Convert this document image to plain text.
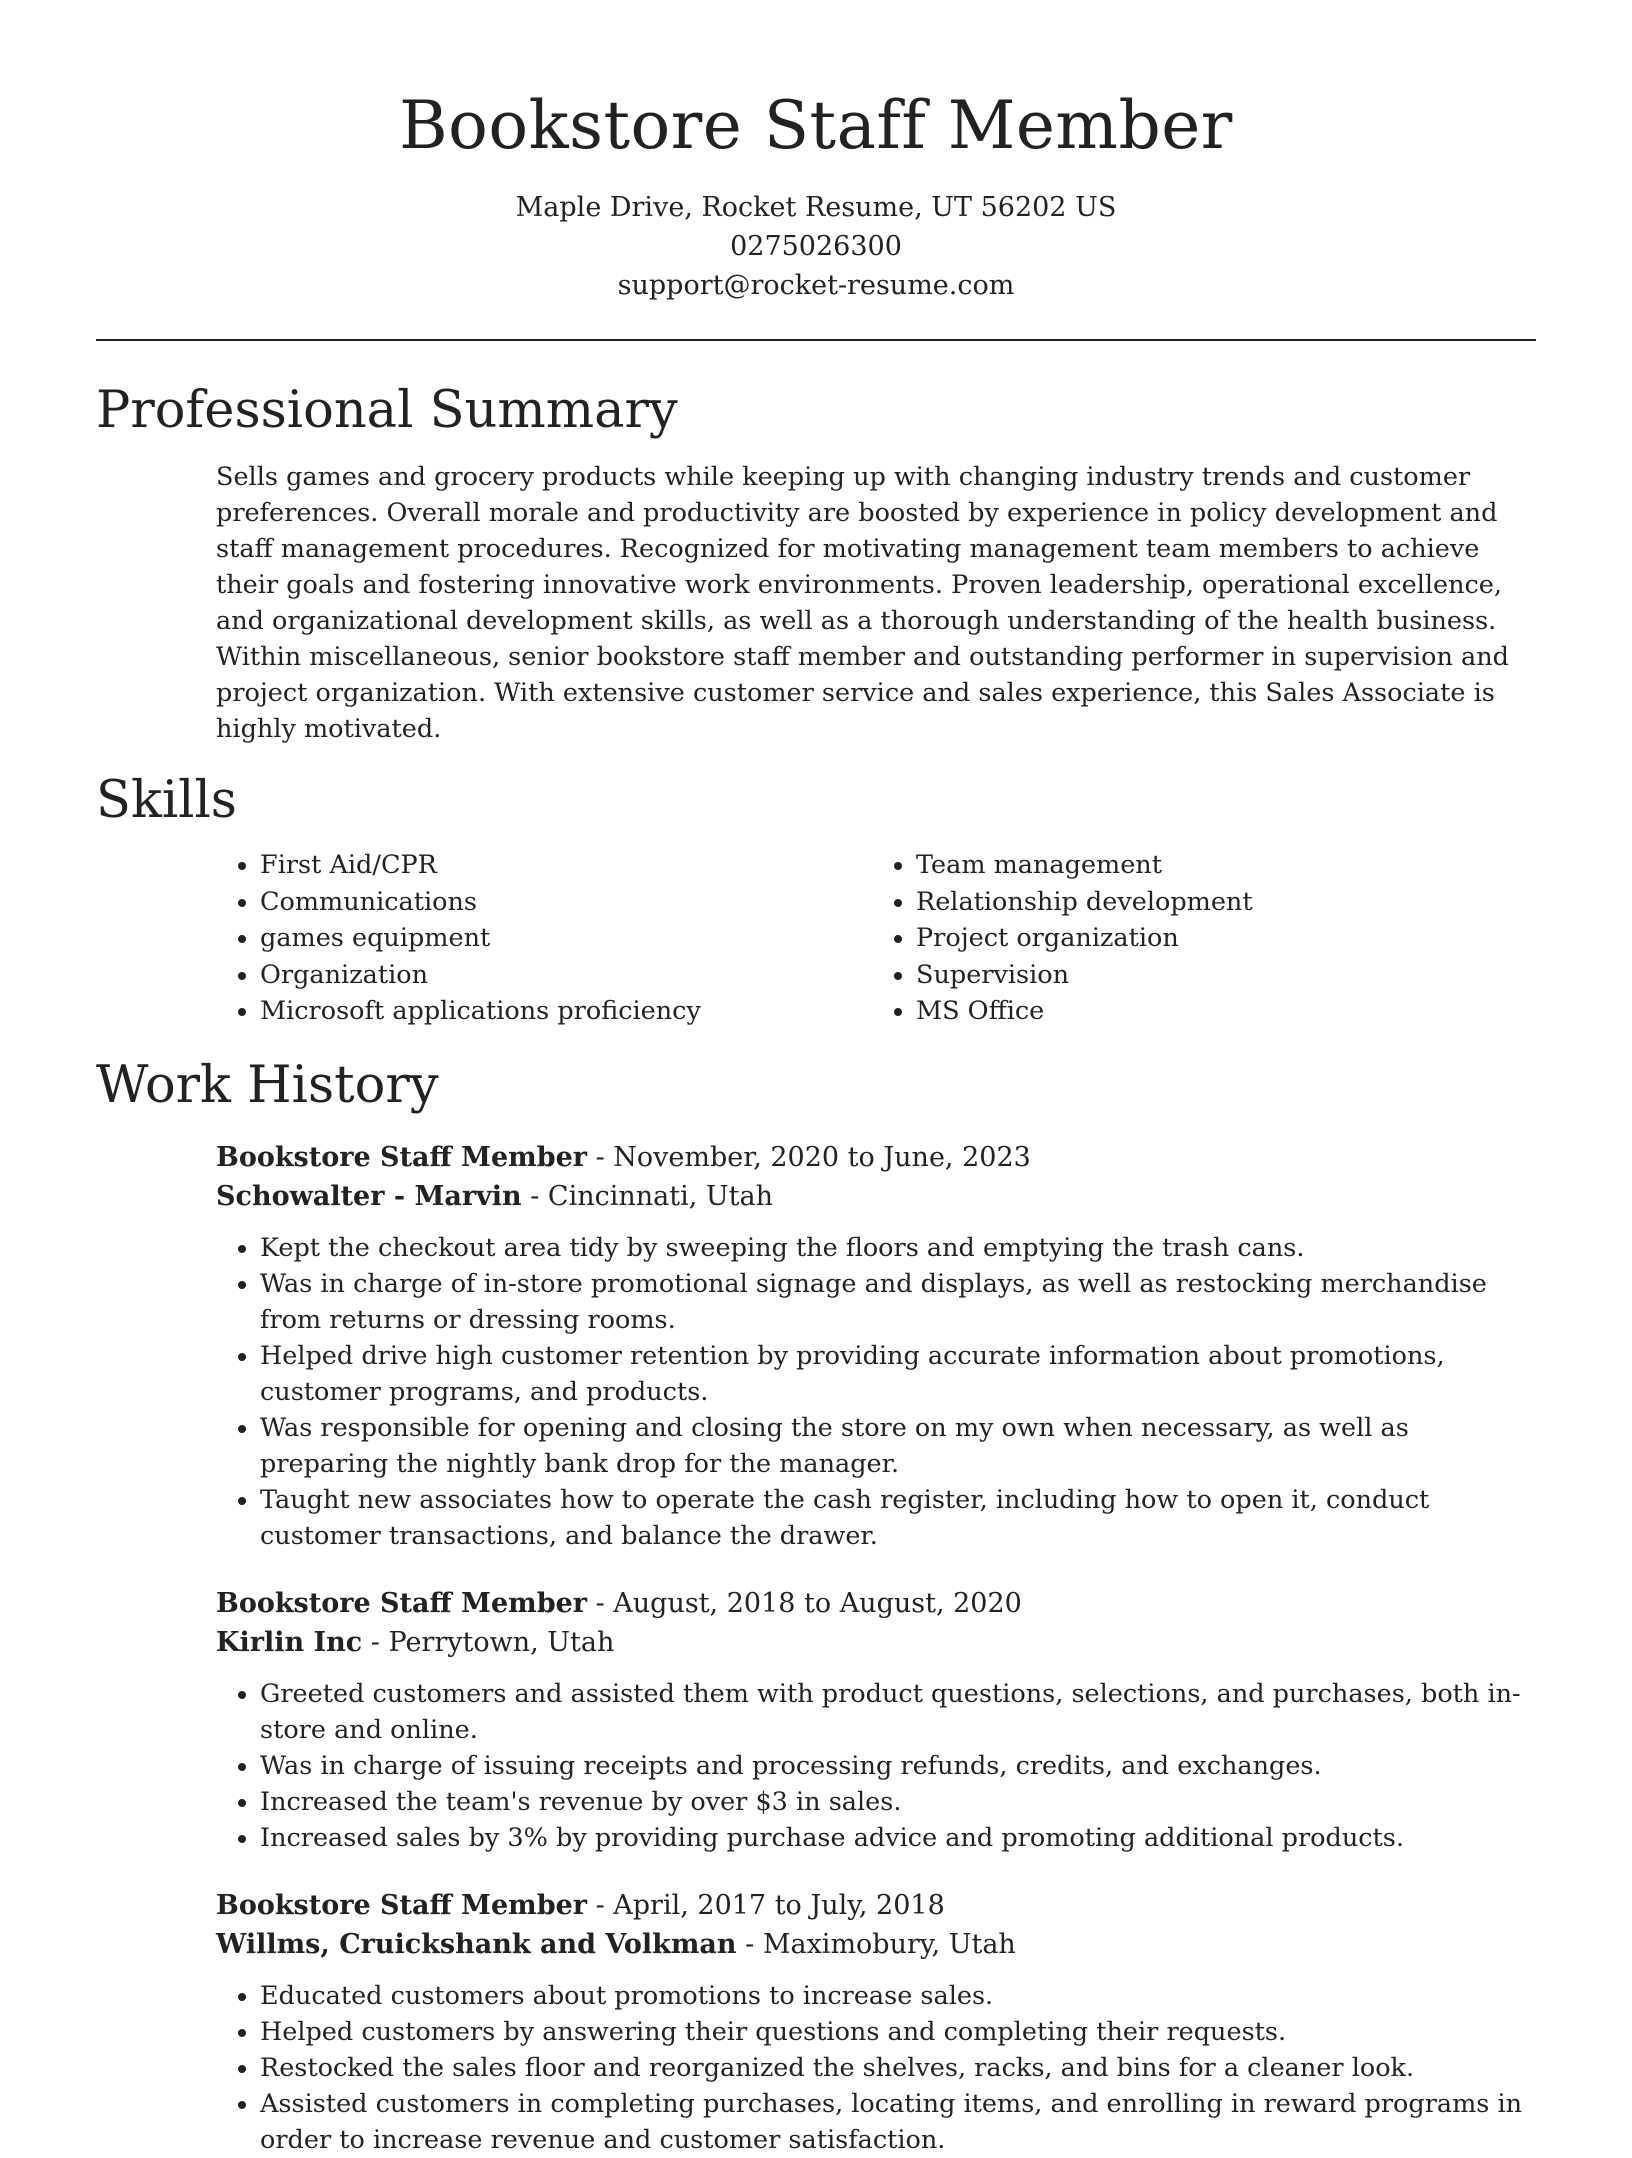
Bookstore Staff Member
Maple Drive, Rocket Resume, UT 56202 US
0275026300
support@rocket-resume.com
Professional Summary

Sells games and grocery products while keeping up with changing industry trends and customer preferences. Overall morale and productivity are boosted by experience in policy development and staff management procedures. Recognized for motivating management team members to achieve their goals and fostering innovative work environments. Proven leadership, operational excellence, and organizational development skills, as well as a thorough understanding of the health business. Within miscellaneous, senior bookstore staff member and outstanding performer in supervision and project organization. With extensive customer service and sales experience, this Sales Associate is highly motivated.

Skills
• First Aid/CPR
• Communications
• games equipment
• Organization
• Microsoft applications proficiency
• Team management
• Relationship development
• Project organization
• Supervision
• MS Office
Work History
Bookstore Staff Member - November, 2020 to June, 2023
Schowalter - Marvin - Cincinnati, Utah
• Kept the checkout area tidy by sweeping the floors and emptying the trash cans.
• Was in charge of in-store promotional signage and displays, as well as restocking merchandise from returns or dressing rooms.
• Helped drive high customer retention by providing accurate information about promotions, customer programs, and products.
• Was responsible for opening and closing the store on my own when necessary, as well as preparing the nightly bank drop for the manager.
• Taught new associates how to operate the cash register, including how to open it, conduct customer transactions, and balance the drawer.
Bookstore Staff Member - August, 2018 to August, 2020
Kirlin Inc - Perrytown, Utah
• Greeted customers and assisted them with product questions, selections, and purchases, both in-store and online.
• Was in charge of issuing receipts and processing refunds, credits, and exchanges.
• Increased the team's revenue by over $3 in sales.
• Increased sales by 3% by providing purchase advice and promoting additional products.
Bookstore Staff Member - April, 2017 to July, 2018
Willms, Cruickshank and Volkman - Maximobury, Utah
• Educated customers about promotions to increase sales.
• Helped customers by answering their questions and completing their requests.
• Restocked the sales floor and reorganized the shelves, racks, and bins for a cleaner look.
• Assisted customers in completing purchases, locating items, and enrolling in reward programs in order to increase revenue and customer satisfaction.
